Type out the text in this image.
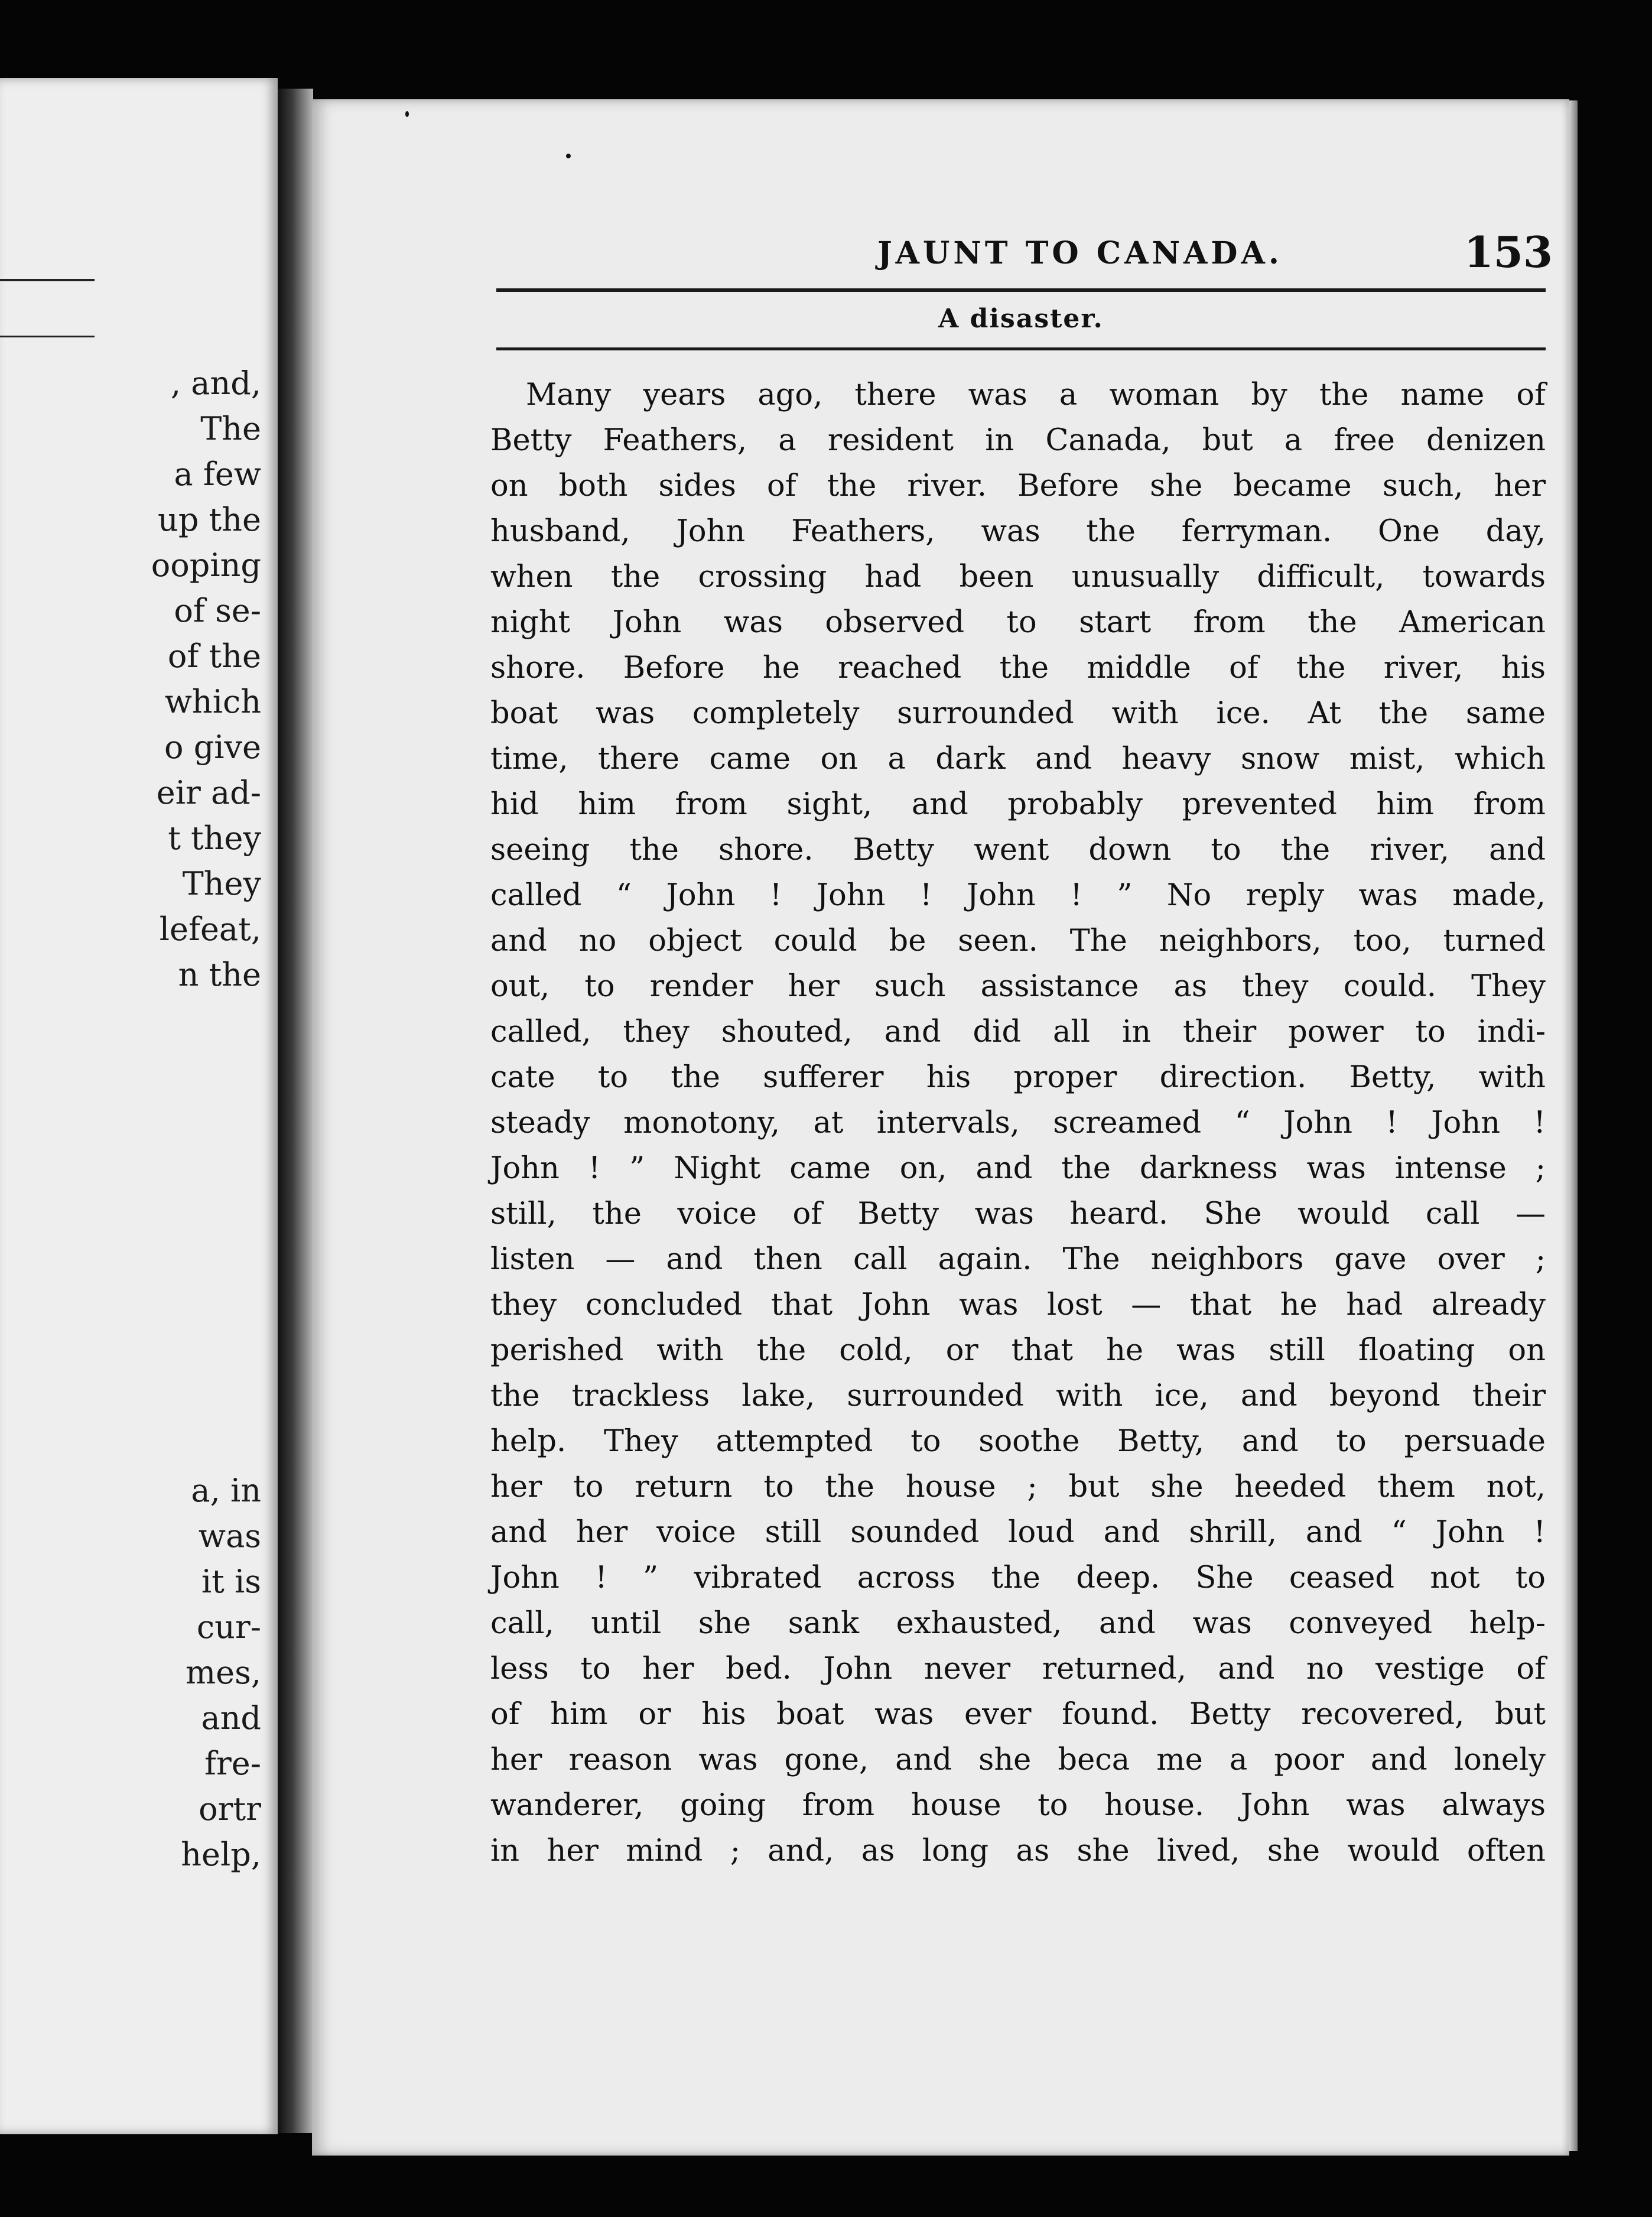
, and,
The
a few
up the
ooping
of se-
of the
which
o give
eir ad-
t they
They
lefeat,
n the
a, in
was
it is
cur-
mes,
and
fre-
ortr
help,
JAUNT TO CANADA.	153
A disaster.
Many years ago, there was a woman by the name of
Betty Feathers, a resident in Canada, but a free denizen
on both sides of the river. Before she became such, her
husband, John Feathers, was the ferryman. One day,
when the crossing had been unusually difficult, towards
night John was observed to start from the American
shore. Before he reached the middle of the river, his
boat was completely surrounded with ice. At the same
time, there came on a dark and heavy snow mist, which
hid him from sight, and probably prevented him from
seeing the shore. Betty went down to the river, and
called “ John ! John ! John ! ” No reply was made,
and no object could be seen. The neighbors, too, turned
out, to render her such assistance as they could. They
called, they shouted, and did all in their power to indi-
cate to the sufferer his proper direction. Betty, with
steady monotony, at intervals, screamed “ John ! John !
John ! ” Night came on, and the darkness was intense ;
still, the voice of Betty was heard. She would call —
listen — and then call again. The neighbors gave over ;
they concluded that John was lost — that he had already
perished with the cold, or that he was still floating on
the trackless lake, surrounded with ice, and beyond their
help. They attempted to soothe Betty, and to persuade
her to return to the house ; but she heeded them not,
and her voice still sounded loud and shrill, and “ John !
John ! ” vibrated across the deep. She ceased not to
call, until she sank exhausted, and was conveyed help-
less to her bed. John never returned, and no vestige of
of him or his boat was ever found. Betty recovered, but
her reason was gone, and she beca me a poor and lonely
wanderer, going from house to house. John was always
in her mind ; and, as long as she lived, she would often
